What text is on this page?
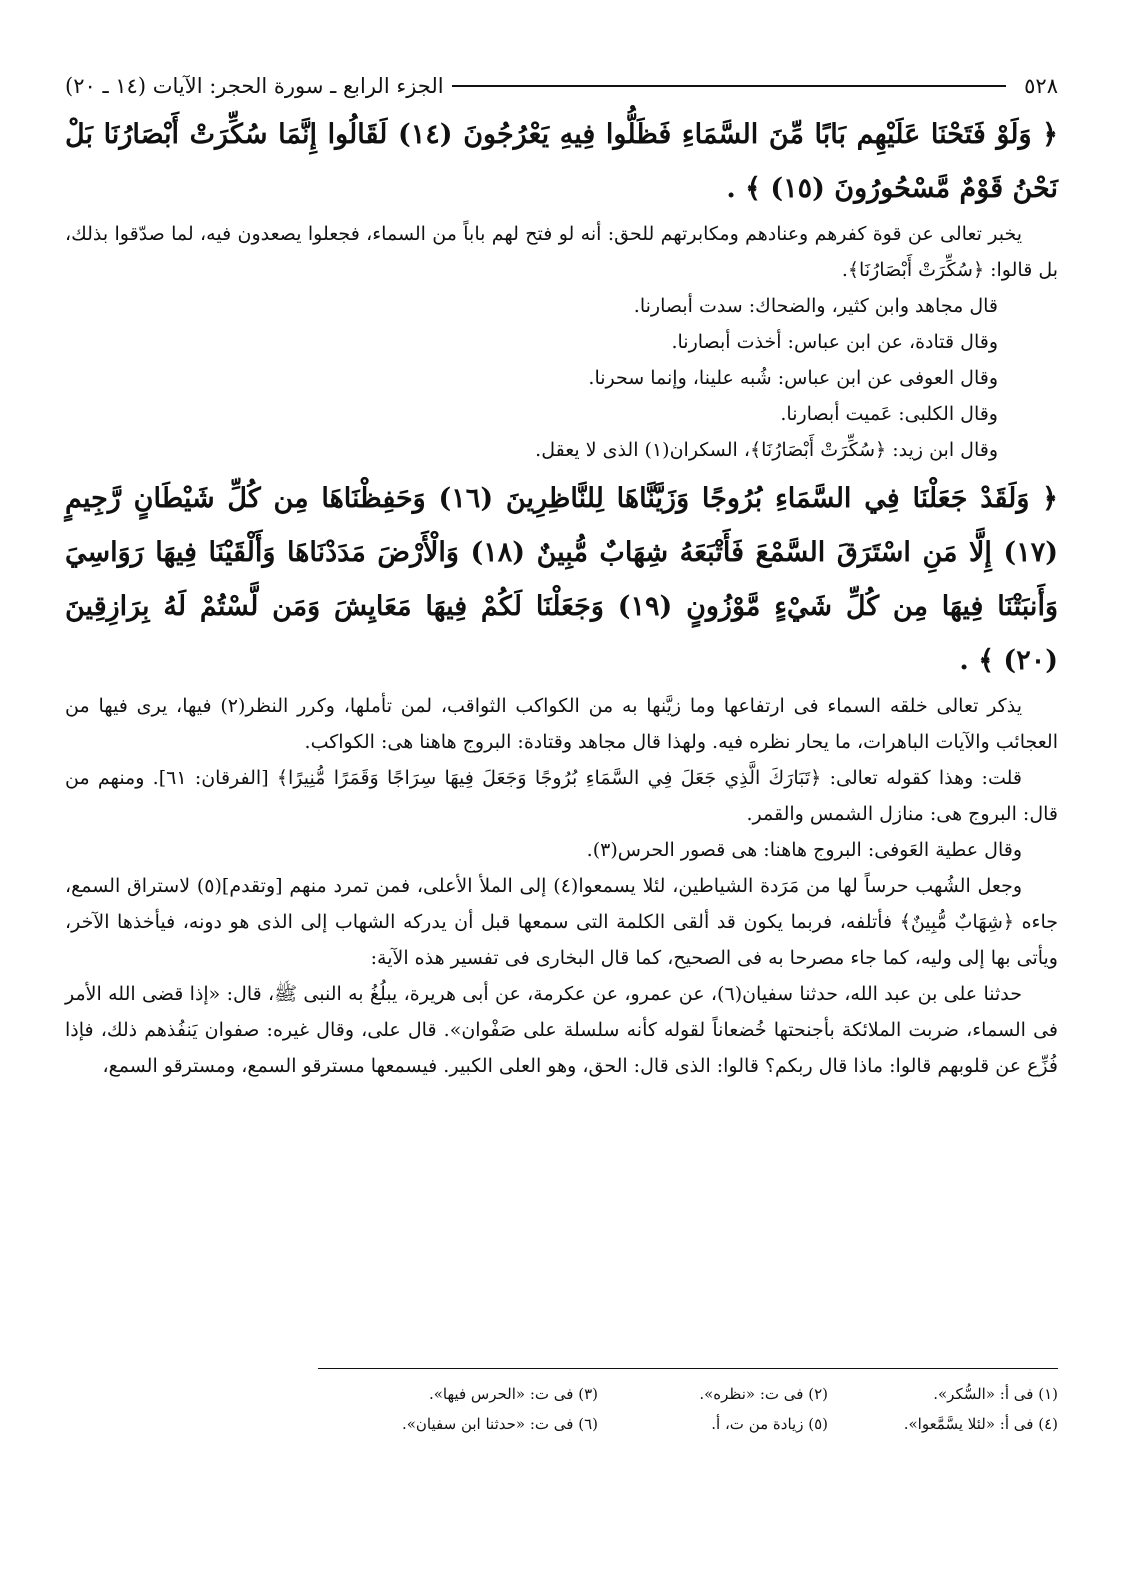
٥٢٨
الجزء الرابع ـ سورة الحجر: الآيات (١٤ ـ ٢٠)
﴿ وَلَوْ فَتَحْنَا عَلَيْهِم بَابًا مِّنَ السَّمَاءِ فَظَلُّوا فِيهِ يَعْرُجُونَ (١٤) لَقَالُوا إِنَّمَا سُكِّرَتْ أَبْصَارُنَا بَلْ نَحْنُ قَوْمٌ مَّسْحُورُونَ (١٥) ﴾ .

يخبر تعالى عن قوة كفرهم وعنادهم ومكابرتهم للحق: أنه لو فتح لهم باباً من السماء، فجعلوا يصعدون فيه، لما صدّقوا بذلك، بل قالوا: ﴿سُكِّرَتْ أَبْصَارُنَا﴾.

قال مجاهد وابن كثير، والضحاك: سدت أبصارنا.

وقال قتادة، عن ابن عباس: أخذت أبصارنا.

وقال العوفى عن ابن عباس: شُبه علينا، وإنما سحرنا.

وقال الكلبى: عَميت أبصارنا.

وقال ابن زيد: ﴿سُكِّرَتْ أَبْصَارُنَا﴾، السكران(١) الذى لا يعقل.

﴿ وَلَقَدْ جَعَلْنَا فِي السَّمَاءِ بُرُوجًا وَزَيَّنَّاهَا لِلنَّاظِرِينَ (١٦) وَحَفِظْنَاهَا مِن كُلِّ شَيْطَانٍ رَّجِيمٍ (١٧) إِلَّا مَنِ اسْتَرَقَ السَّمْعَ فَأَتْبَعَهُ شِهَابٌ مُّبِينٌ (١٨) وَالْأَرْضَ مَدَدْنَاهَا وَأَلْقَيْنَا فِيهَا رَوَاسِيَ وَأَنبَتْنَا فِيهَا مِن كُلِّ شَيْءٍ مَّوْزُونٍ (١٩) وَجَعَلْنَا لَكُمْ فِيهَا مَعَايِشَ وَمَن لَّسْتُمْ لَهُ بِرَازِقِينَ (٢٠) ﴾ .

يذكر تعالى خلقه السماء فى ارتفاعها وما زيَّنها به من الكواكب الثواقب، لمن تأملها، وكرر النظر(٢) فيها، يرى فيها من العجائب والآيات الباهرات، ما يحار نظره فيه. ولهذا قال مجاهد وقتادة: البروج هاهنا هى: الكواكب.

قلت: وهذا كقوله تعالى: ﴿تَبَارَكَ الَّذِي جَعَلَ فِي السَّمَاءِ بُرُوجًا وَجَعَلَ فِيهَا سِرَاجًا وَقَمَرًا مُّنِيرًا﴾ [الفرقان: ٦١]. ومنهم من قال: البروج هى: منازل الشمس والقمر.

وقال عطية العَوفى: البروج هاهنا: هى قصور الحرس(٣).

وجعل الشُهب حرساً لها من مَرَدة الشياطين، لئلا يسمعوا(٤) إلى الملأ الأعلى، فمن تمرد منهم [وتقدم](٥) لاستراق السمع، جاءه ﴿شِهَابٌ مُّبِينٌ﴾ فأتلفه، فربما يكون قد ألقى الكلمة التى سمعها قبل أن يدركه الشهاب إلى الذى هو دونه، فيأخذها الآخر، ويأتى بها إلى وليه، كما جاء مصرحا به فى الصحيح، كما قال البخارى فى تفسير هذه الآية:

حدثنا على بن عبد الله، حدثنا سفيان(٦)، عن عمرو، عن عكرمة، عن أبى هريرة، يبلُغُ به النبى ﷺ، قال: «إذا قضى الله الأمر فى السماء، ضربت الملائكة بأجنحتها خُضعاناً لقوله كأنه سلسلة على صَفْوان». قال على، وقال غيره: صفوان يَنفُذهم ذلك، فإذا فُزِّع عن قلوبهم قالوا: ماذا قال ربكم؟ قالوا: الذى قال: الحق، وهو العلى الكبير. فيسمعها مسترقو السمع، ومسترقو السمع،

(١) فى أ: «السُّكر».
(٢) فى ت: «نظره».
(٣) فى ت: «الحرس فيها».
(٤) فى أ: «لئلا يسَّمَّعوا».
(٥) زيادة من ت، أ.
(٦) فى ت: «حدثنا ابن سفيان».
